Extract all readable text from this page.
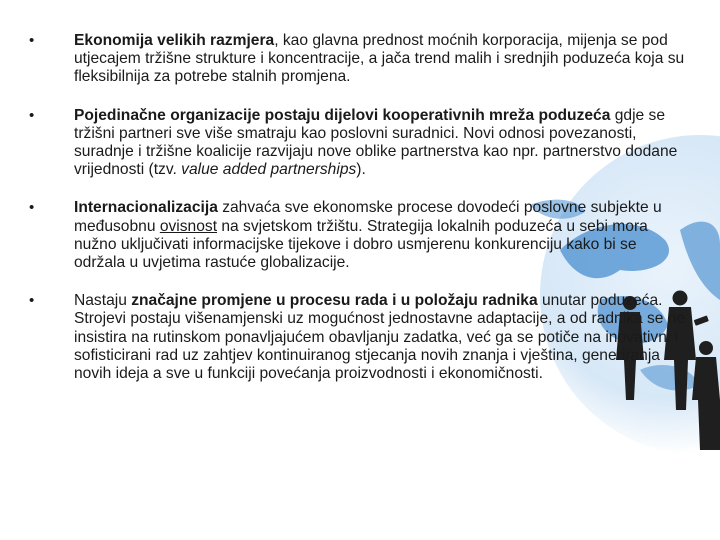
•	Ekonomija velikih razmjera, kao glavna prednost moćnih korporacija, mijenja se pod utjecajem tržišne strukture i koncentracije, a jača trend malih i srednjih poduzeća koja su fleksibilnija za potrebe stalnih promjena.

•	Pojedinačne organizacije postaju dijelovi kooperativnih mreža poduzeća gdje se tržišni partneri sve više smatraju kao poslovni suradnici. Novi odnosi povezanosti, suradnje i tržišne koalicije razvijaju nove oblike partnerstva kao npr. partnerstvo dodane vrijednosti (tzv. value added partnerships).

•	Internacionalizacija zahvaća sve ekonomske procese dovodeći poslovne subjekte u međusobnu ovisnost na svjetskom tržištu. Strategija lokalnih poduzeća u sebi mora nužno uključivati informacijske tijekove i dobro usmjerenu konkurenciju kako bi se održala u uvjetima rastuće globalizacije.

•	Nastaju značajne promjene u procesu rada i u položaju radnika unutar poduzeća. Strojevi postaju višenamjenski uz mogućnost jednostavne adaptacije, a od radnika se ne insistira na rutinskom ponavljajućem obavljanju zadatka, već ga se potiče na inovativni i sofisticirani rad uz zahtjev kontinuiranog stjecanja novih znanja i vještina, generiranja novih ideja a sve u funkciji povećanja proizvodnosti i ekonomičnosti.
